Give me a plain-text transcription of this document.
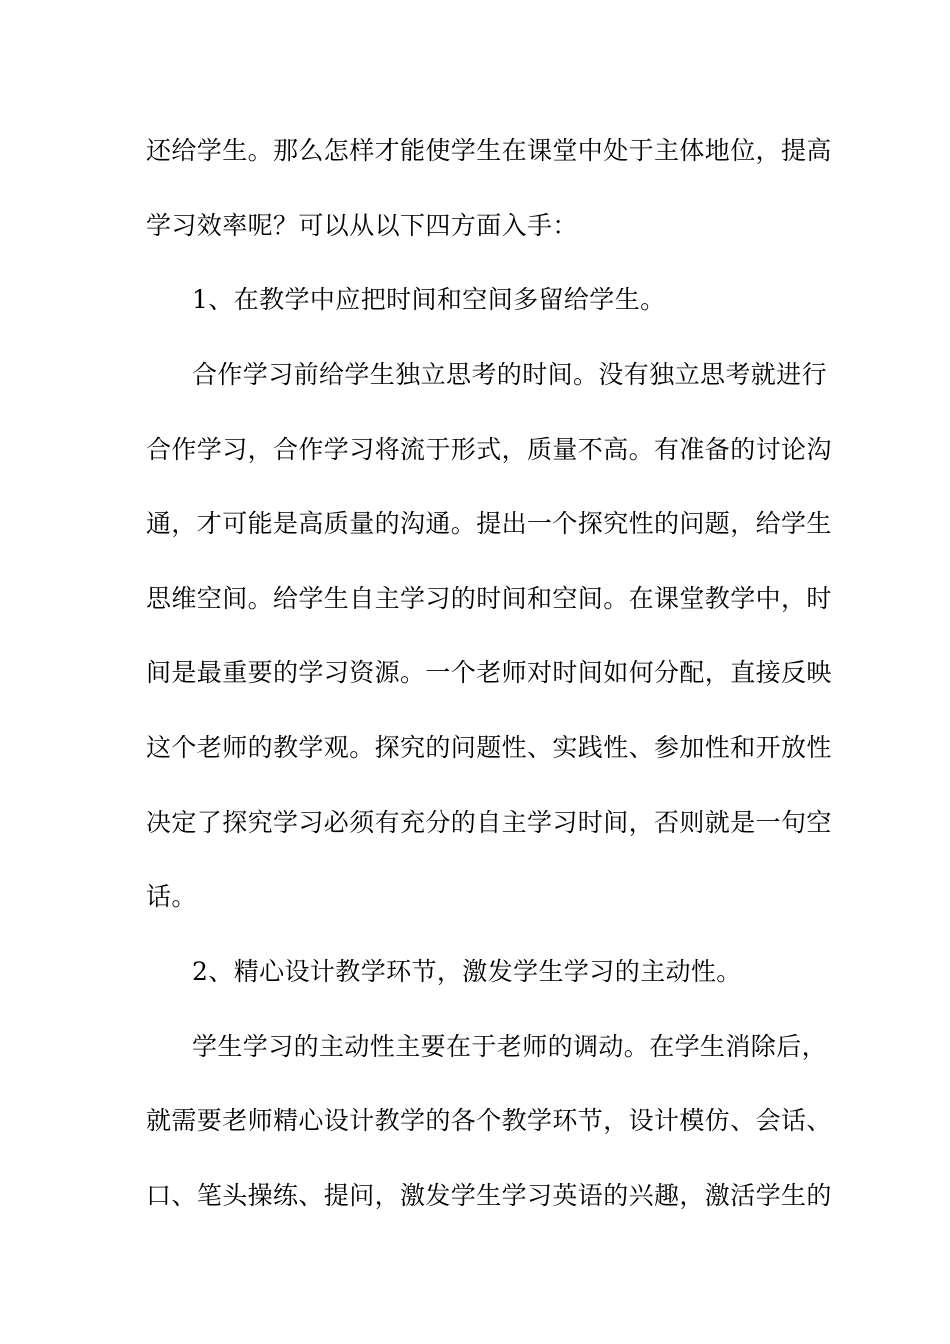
还给学生。那么怎样才能使学生在课堂中处于主体地位，提高
学习效率呢？可以从以下四方面入手：
1、在教学中应把时间和空间多留给学生。
合作学习前给学生独立思考的时间。没有独立思考就进行
合作学习，合作学习将流于形式，质量不高。有准备的讨论沟
通，才可能是高质量的沟通。提出一个探究性的问题，给学生
思维空间。给学生自主学习的时间和空间。在课堂教学中，时
间是最重要的学习资源。一个老师对时间如何分配，直接反映
这个老师的教学观。探究的问题性、实践性、参加性和开放性
决定了探究学习必须有充分的自主学习时间，否则就是一句空
话。
2、精心设计教学环节，激发学生学习的主动性。
学生学习的主动性主要在于老师的调动。在学生消除后，
就需要老师精心设计教学的各个教学环节，设计模仿、会话、
口、笔头操练、提问，激发学生学习英语的兴趣，激活学生的
